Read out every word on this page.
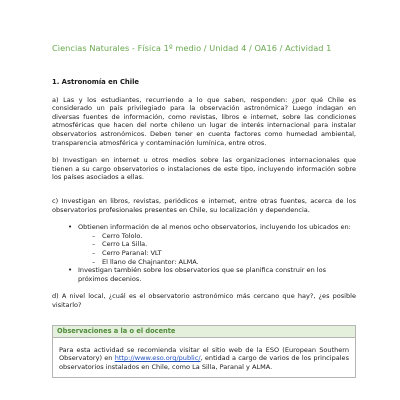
Ciencias Naturales - Física 1º medio / Unidad 4 / OA16 / Actividad 1
1. Astronomía en Chile

a) Las y los estudiantes, recurriendo a lo que saben, responden: ¿por qué Chile es considerado un país privilegiado para la observación astronómica? Luego indagan en diversas fuentes de información, como revistas, libros e internet, sobre las condiciones atmosféricas que hacen del norte chileno un lugar de interés internacional para instalar observatorios astronómicos. Deben tener en cuenta factores como humedad ambiental, transparencia atmosférica y contaminación lumínica, entre otros.

b) Investigan en internet u otros medios sobre las organizaciones internacionales que tienen a su cargo observatorios o instalaciones de este tipo, incluyendo información sobre los países asociados a ellas.

c) Investigan en libros, revistas, periódicos e internet, entre otras fuentes, acerca de los observatorios profesionales presentes en Chile, su localización y dependencia.

• Obtienen información de al menos ocho observatorios, incluyendo los ubicados en:
– Cerro Tololo.
– Cerro La Silla.
– Cerro Paranal: VLT
– El llano de Chajnantor: ALMA.
• Investigan también sobre los observatorios que se planifica construir en los próximos decenios.

d) A nivel local, ¿cuál es el observatorio astronómico más cercano que hay?, ¿es posible visitarlo?

Observaciones a la o el docente
Para esta actividad se recomienda visitar el sitio web de la ESO (European Southern Observatory) en http://www.eso.org/public/, entidad a cargo de varios de los principales observatorios instalados en Chile, como La Silla, Paranal y ALMA.
